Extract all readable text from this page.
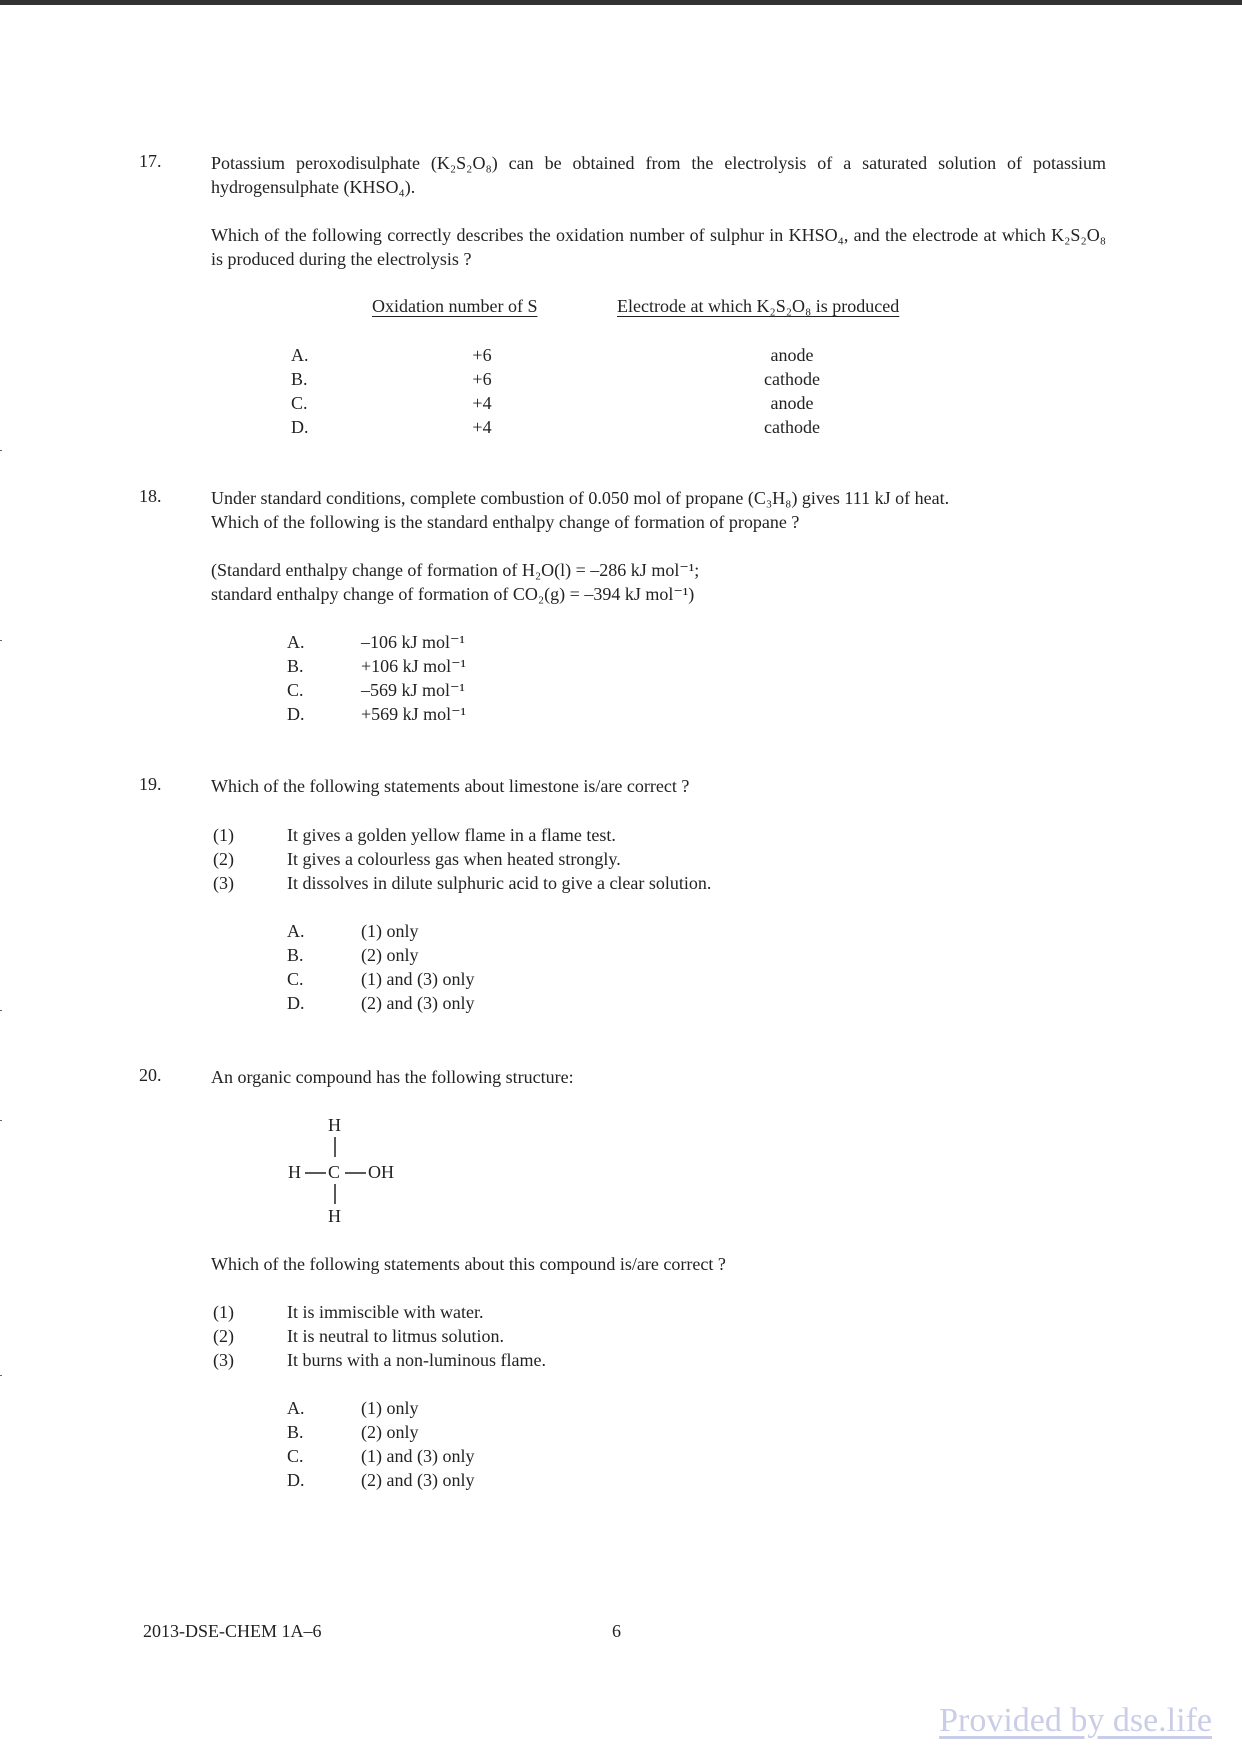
17.	Potassium peroxodisulphate (K₂S₂O₈) can be obtained from the electrolysis of a saturated solution of potassium hydrogensulphate (KHSO₄).
Which of the following correctly describes the oxidation number of sulphur in KHSO₄, and the electrode at which K₂S₂O₈ is produced during the electrolysis ?
Oxidation number of S	Electrode at which K₂S₂O₈ is produced
A.	+6	anode
B.	+6	cathode
C.	+4	anode
D.	+4	cathode
18.	Under standard conditions, complete combustion of 0.050 mol of propane (C₃H₈) gives 111 kJ of heat.
Which of the following is the standard enthalpy change of formation of propane ?
(Standard enthalpy change of formation of H₂O(l) = –286 kJ mol⁻¹;
standard enthalpy change of formation of CO₂(g) = –394 kJ mol⁻¹)
A.	–106 kJ mol⁻¹
B.	+106 kJ mol⁻¹
C.	–569 kJ mol⁻¹
D.	+569 kJ mol⁻¹
19.	Which of the following statements about limestone is/are correct ?
(1)	It gives a golden yellow flame in a flame test.
(2)	It gives a colourless gas when heated strongly.
(3)	It dissolves in dilute sulphuric acid to give a clear solution.
A.	(1) only
B.	(2) only
C.	(1) and (3) only
D.	(2) and (3) only
20.	An organic compound has the following structure:
H
H C OH
H
Which of the following statements about this compound is/are correct ?
(1)	It is immiscible with water.
(2)	It is neutral to litmus solution.
(3)	It burns with a non-luminous flame.
A.	(1) only
B.	(2) only
C.	(1) and (3) only
D.	(2) and (3) only
2013-DSE-CHEM 1A–6	6
Provided by dse.life
